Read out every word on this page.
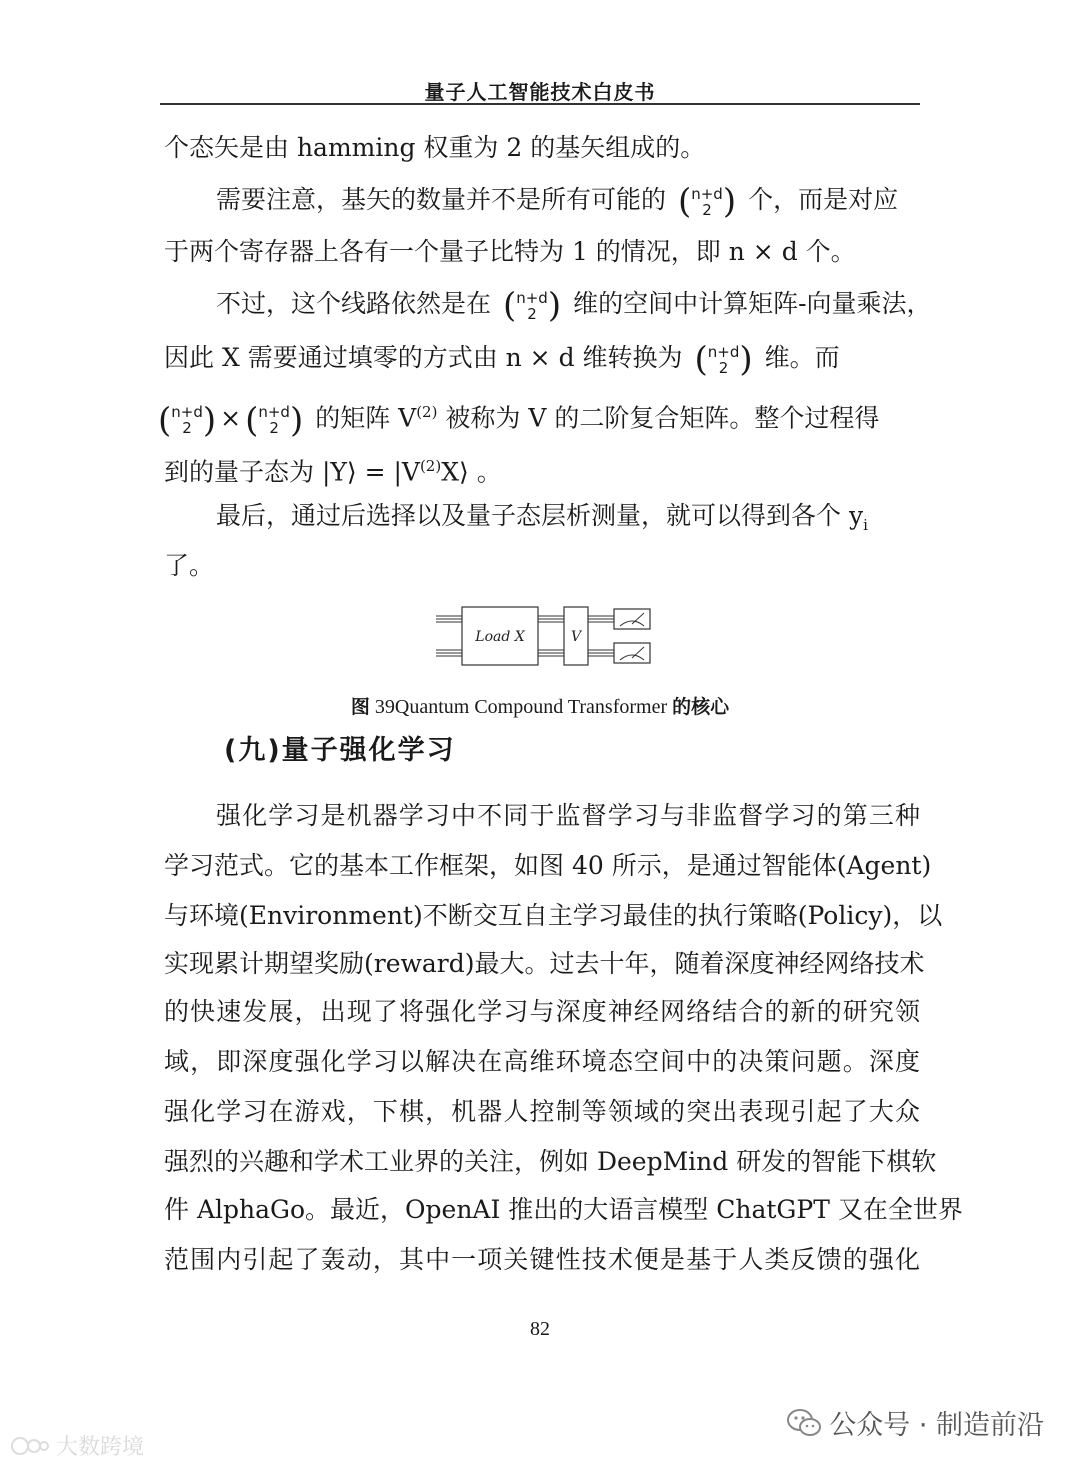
量子人工智能技术白皮书
个态矢是由 hamming 权重为 2 的基矢组成的。
需要注意，基矢的数量并不是所有可能的 (n+d
2 ) 个，而是对应
于两个寄存器上各有一个量子比特为 1 的情况，即 n × d 个。
不过，这个线路依然是在 (n+d
2 ) 维的空间中计算矩阵-向量乘法，
因此 X 需要通过填零的方式由 n × d 维转换为 (n+d
2 ) 维。而
(n+d
2 ) × (n+d
2 ) 的矩阵 $V^{(2)}$ 被称为 V 的二阶复合矩阵。整个过程得
到的量子态为 |Y⟩ = $|V^{(2)}X⟩$ 。
最后，通过后选择以及量子态层析测量，就可以得到各个 $y_i$
了。
Load X	V
图 39Quantum Compound Transformer 的核心
(九)量子强化学习
强化学习是机器学习中不同于监督学习与非监督学习的第三种
学习范式。它的基本工作框架，如图 40 所示，是通过智能体(Agent)
与环境(Environment)不断交互自主学习最佳的执行策略(Policy)，以
实现累计期望奖励(reward)最大。过去十年，随着深度神经网络技术
的快速发展，出现了将强化学习与深度神经网络结合的新的研究领
域，即深度强化学习以解决在高维环境态空间中的决策问题。深度
强化学习在游戏，下棋，机器人控制等领域的突出表现引起了大众
强烈的兴趣和学术工业界的关注，例如 DeepMind 研发的智能下棋软
件 AlphaGo。最近，OpenAI 推出的大语言模型 ChatGPT 又在全世界
范围内引起了轰动，其中一项关键性技术便是基于人类反馈的强化
82
公众号 · 制造前沿
大数跨境
